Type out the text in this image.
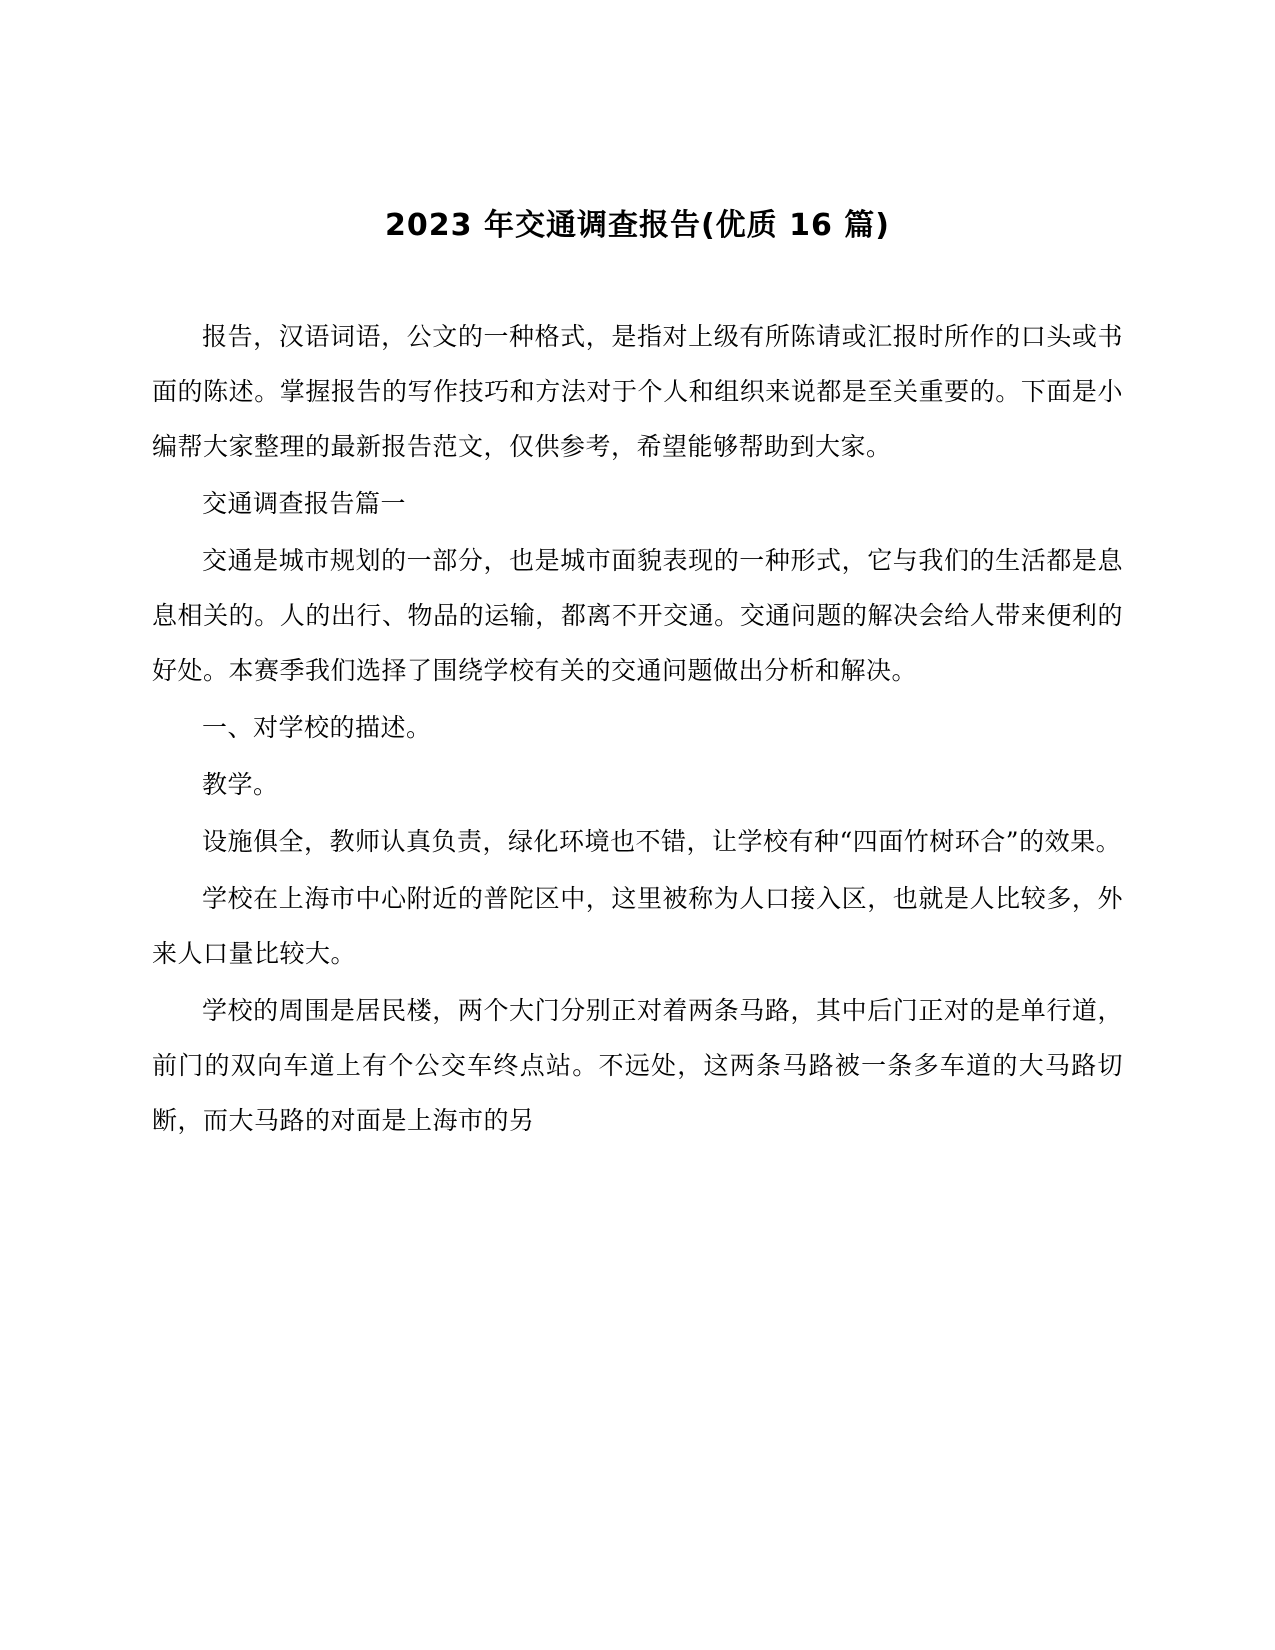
2023 年交通调查报告(优质 16 篇)

报告，汉语词语，公文的一种格式，是指对上级有所陈请或汇报时所作的口头或书面的陈述。掌握报告的写作技巧和方法对于个人和组织来说都是至关重要的。下面是小编帮大家整理的最新报告范文，仅供参考，希望能够帮助到大家。

交通调查报告篇一

交通是城市规划的一部分，也是城市面貌表现的一种形式，它与我们的生活都是息息相关的。人的出行、物品的运输，都离不开交通。交通问题的解决会给人带来便利的好处。本赛季我们选择了围绕学校有关的交通问题做出分析和解决。

一、对学校的描述。

教学。

设施俱全，教师认真负责，绿化环境也不错，让学校有种“四面竹树环合”的效果。

学校在上海市中心附近的普陀区中，这里被称为人口接入区，也就是人比较多，外来人口量比较大。

学校的周围是居民楼，两个大门分别正对着两条马路，其中后门正对的是单行道，前门的双向车道上有个公交车终点站。不远处，这两条马路被一条多车道的大马路切断，而大马路的对面是上海市的另
